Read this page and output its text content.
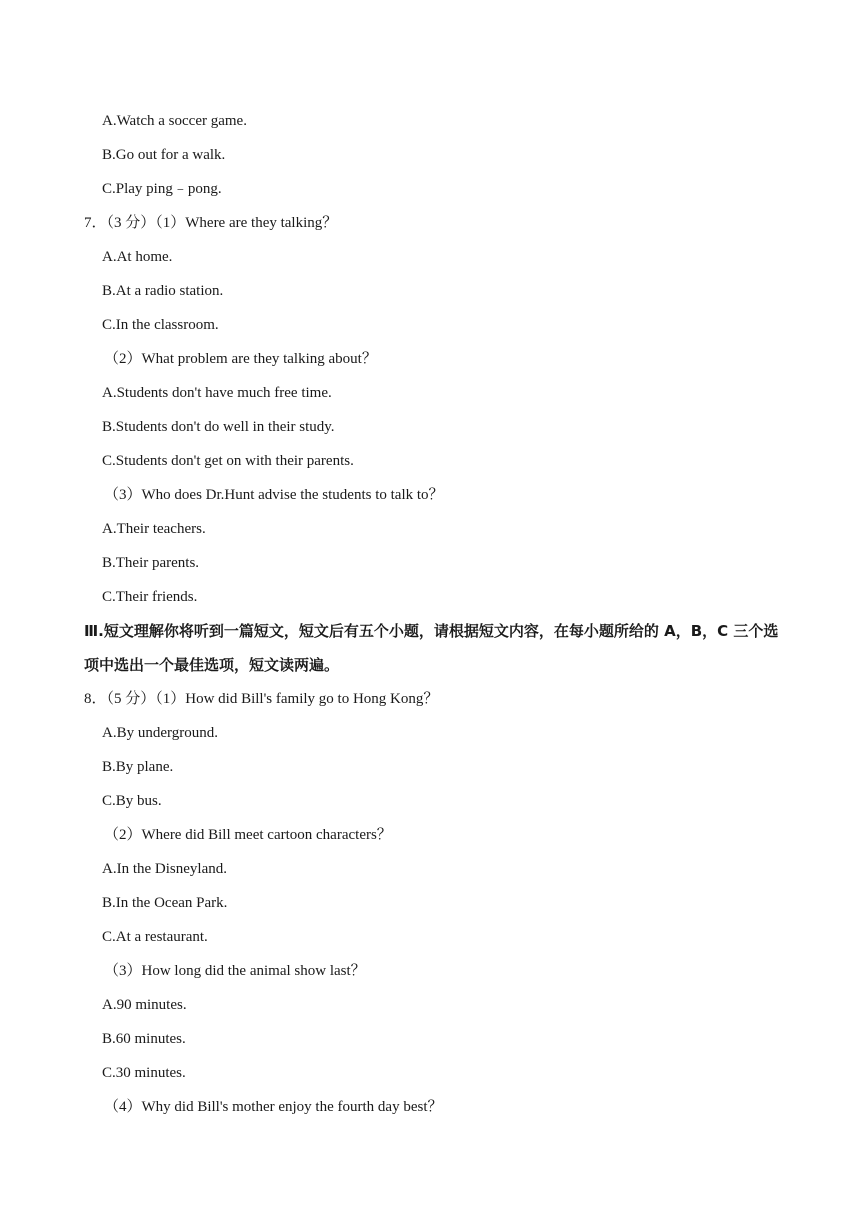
A.Watch a soccer game.
B.Go out for a walk.
C.Play ping﹣pong.
7．（3 分）（1）Where are they talking？
A.At home.
B.At a radio station.
C.In the classroom.
（2）What problem are they talking about？
A.Students don't have much free time.
B.Students don't do well in their study.
C.Students don't get on with their parents.
（3）Who does Dr.Hunt advise the students to talk to？
A.Their teachers.
B.Their parents.
C.Their friends.
Ⅲ.短文理解你将听到一篇短文，短文后有五个小题，请根据短文内容，在每小题所给的 A，B，C 三个选
项中选出一个最佳选项，短文读两遍。
8．（5 分）（1）How did Bill's family go to Hong Kong？
A.By underground.
B.By plane.
C.By bus.
（2）Where did Bill meet cartoon characters？
A.In the Disneyland.
B.In the Ocean Park.
C.At a restaurant.
（3）How long did the animal show last？
A.90 minutes.
B.60 minutes.
C.30 minutes.
（4）Why did Bill's mother enjoy the fourth day best？
